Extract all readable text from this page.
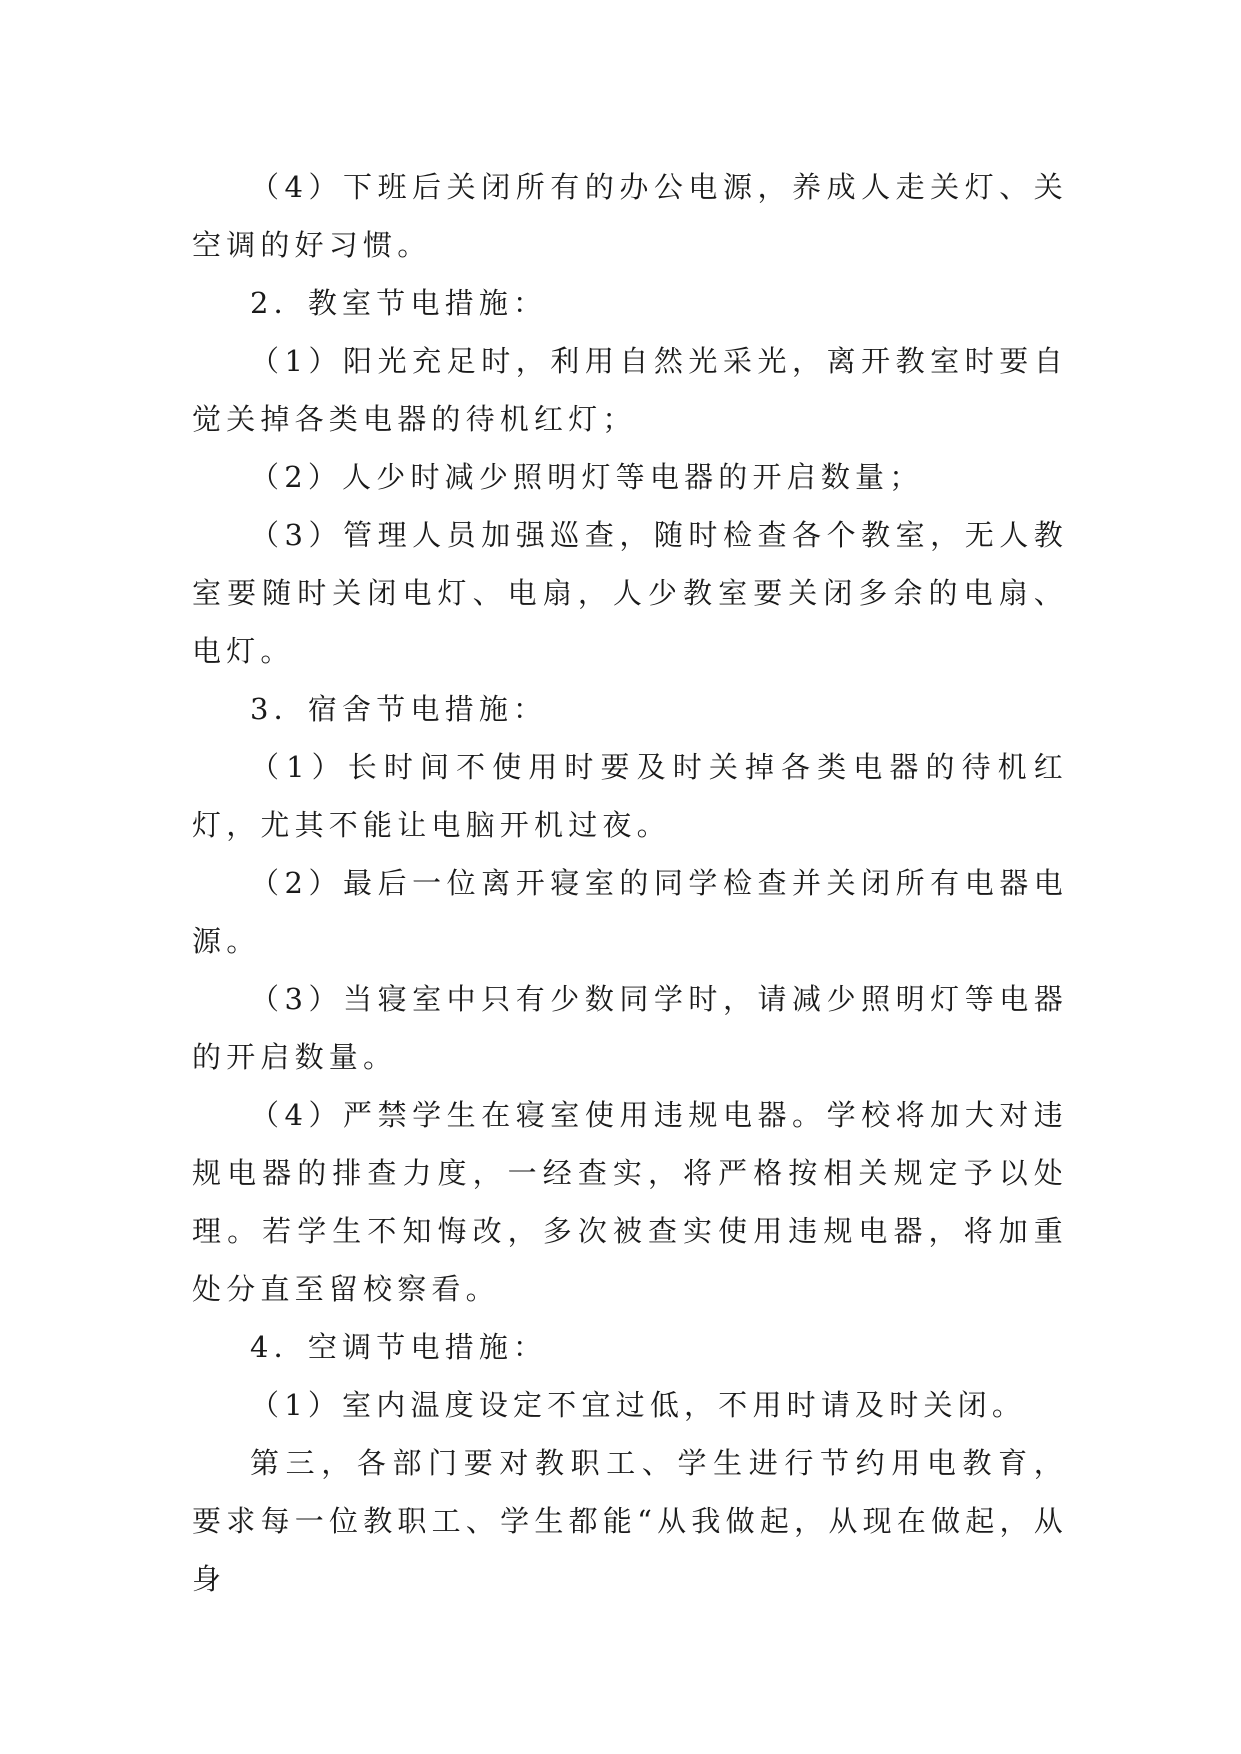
（4）下班后关闭所有的办公电源，养成人走关灯、关空调的好习惯。

2．教室节电措施：

（1）阳光充足时，利用自然光采光，离开教室时要自觉关掉各类电器的待机红灯；

（2）人少时减少照明灯等电器的开启数量；

（3）管理人员加强巡查，随时检查各个教室，无人教室要随时关闭电灯、电扇，人少教室要关闭多余的电扇、电灯。

3．宿舍节电措施：

（1）长时间不使用时要及时关掉各类电器的待机红灯，尤其不能让电脑开机过夜。

（2）最后一位离开寝室的同学检查并关闭所有电器电源。

（3）当寝室中只有少数同学时，请减少照明灯等电器的开启数量。

（4）严禁学生在寝室使用违规电器。学校将加大对违规电器的排查力度，一经查实，将严格按相关规定予以处理。若学生不知悔改，多次被查实使用违规电器，将加重处分直至留校察看。

4．空调节电措施：

（1）室内温度设定不宜过低，不用时请及时关闭。

第三，各部门要对教职工、学生进行节约用电教育，要求每一位教职工、学生都能“从我做起，从现在做起，从身
